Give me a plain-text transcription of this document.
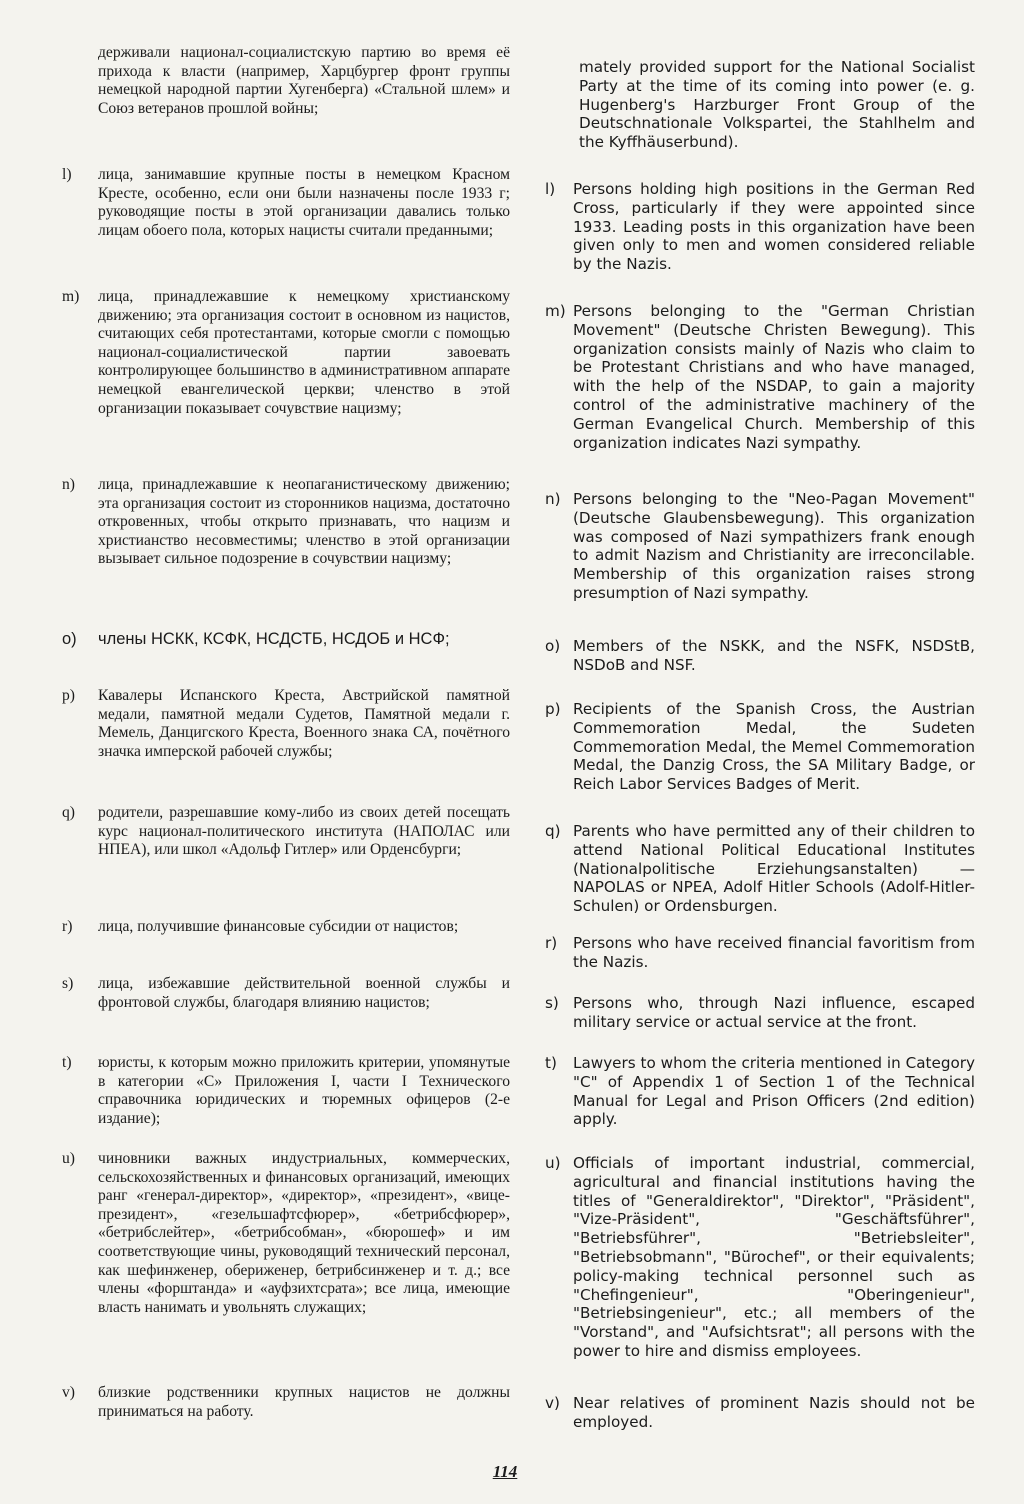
держивали национал-социалистскую партию во время её прихода к власти (например, Харцбургер фронт группы немецкой народной партии Хугенберга) «Стальной шлем» и Союз ветеранов прошлой войны;
l) лица, занимавшие крупные посты в немецком Красном Кресте, особенно, если они были назначены после 1933 г; руководящие посты в этой организации давались только лицам обоего пола, которых нацисты считали преданными;
m) лица, принадлежавшие к немецкому христианскому движению; эта организация состоит в основном из нацистов, считающих себя протестантами, которые смогли с помощью национал-социалистической партии завоевать контролирующее большинство в административном аппарате немецкой евангелической церкви; членство в этой организации показывает сочувствие нацизму;
n) лица, принадлежавшие к неопаганистическому движению; эта организация состоит из сторонников нацизма, достаточно откровенных, чтобы открыто признавать, что нацизм и христианство несовместимы; членство в этой организации вызывает сильное подозрение в сочувствии нацизму;
o) члены НСКК, КСФК, НСДСТБ, НСДОБ и НСФ;
p) Кавалеры Испанского Креста, Австрийской памятной медали, памятной медали Судетов, Памятной медали г. Мемель, Данцигского Креста, Военного знака СА, почётного значка имперской рабочей службы;
q) родители, разрешавшие кому-либо из своих детей посещать курс национал-политического института (НАПОЛАС или НПЕА), или школ «Адольф Гитлер» или Орденсбурги;
r) лица, получившие финансовые субсидии от нацистов;
s) лица, избежавшие действительной военной службы и фронтовой службы, благодаря влиянию нацистов;
t) юристы, к которым можно приложить критерии, упомянутые в категории «С» Приложения I, части I Технического справочника юридических и тюремных офицеров (2-е издание);
u) чиновники важных индустриальных, коммерческих, сельскохозяйственных и финансовых организаций, имеющих ранг «генерал-директор», «директор», «президент», «вице-президент», «гезельшафтсфюрер», «бетрибсфюрер», «бетрибслейтер», «бетрибсобман», «бюрошеф» и им соответствующие чины, руководящий технический персонал, как шефинженер, обериженер, бетрибсинженер и т. д.; все члены «форштанда» и «ауфзихтсрата»; все лица, имеющие власть нанимать и увольнять служащих;
v) близкие родственники крупных нацистов не должны приниматься на работу.
mately provided support for the National Socialist Party at the time of its coming into power (e. g. Hugenberg's Harzburger Front Group of the Deutschnationale Volkspartei, the Stahlhelm and the Kyffhäuserbund).
l) Persons holding high positions in the German Red Cross, particularly if they were appointed since 1933. Leading posts in this organization have been given only to men and women considered reliable by the Nazis.
m) Persons belonging to the "German Christian Movement" (Deutsche Christen Bewegung). This organization consists mainly of Nazis who claim to be Protestant Christians and who have managed, with the help of the NSDAP, to gain a majority control of the administrative machinery of the German Evangelical Church. Membership of this organization indicates Nazi sympathy.
n) Persons belonging to the "Neo-Pagan Movement" (Deutsche Glaubensbewegung). This organization was composed of Nazi sympathizers frank enough to admit Nazism and Christianity are irreconcilable. Membership of this organization raises strong presumption of Nazi sympathy.
o) Members of the NSKK, and the NSFK, NSDStB, NSDoB and NSF.
p) Recipients of the Spanish Cross, the Austrian Commemoration Medal, the Sudeten Commemoration Medal, the Memel Commemoration Medal, the Danzig Cross, the SA Military Badge, or Reich Labor Services Badges of Merit.
q) Parents who have permitted any of their children to attend National Political Educational Institutes (Nationalpolitische Erziehungsanstalten) — NAPOLAS or NPEA, Adolf Hitler Schools (Adolf-Hitler-Schulen) or Ordensburgen.
r) Persons who have received financial favoritism from the Nazis.
s) Persons who, through Nazi influence, escaped military service or actual service at the front.
t) Lawyers to whom the criteria mentioned in Category "C" of Appendix 1 of Section 1 of the Technical Manual for Legal and Prison Officers (2nd edition) apply.
u) Officials of important industrial, commercial, agricultural and financial institutions having the titles of "Generaldirektor", "Direktor", "Präsident", "Vize-Präsident", "Geschäftsführer", "Betriebsführer", "Betriebsleiter", "Betriebsobmann", "Bürochef", or their equivalents; policy-making technical personnel such as "Chefingenieur", "Oberingenieur", "Betriebsingenieur", etc.; all members of the "Vorstand", and "Aufsichtsrat"; all persons with the power to hire and dismiss employees.
v) Near relatives of prominent Nazis should not be employed.
114
